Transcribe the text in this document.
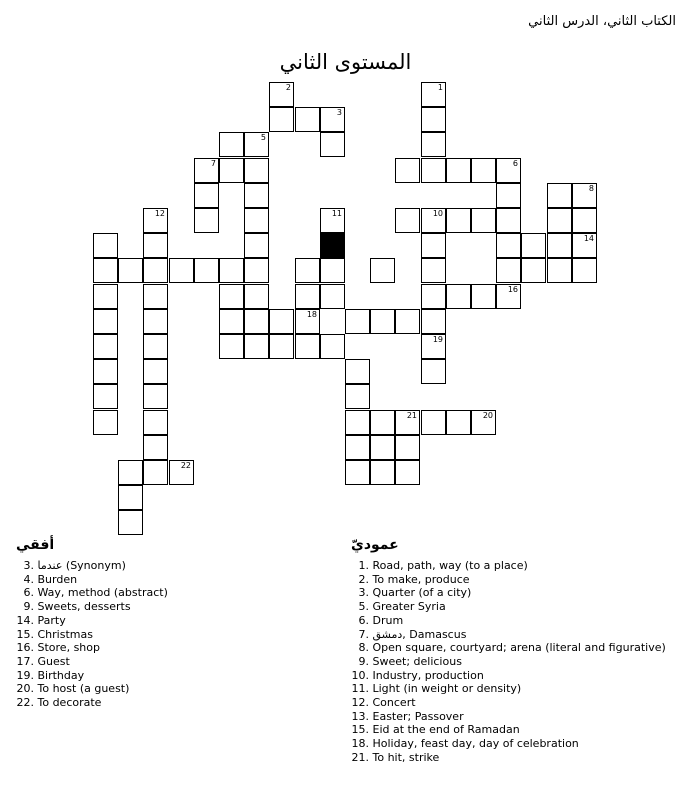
الكتاب الثاني، الدرس الثاني
المستوى الثاني
12
22
7
5
2
18
3
11
21
1
10
19
20
6
16
8
14
أفقي	عموديّ
3. عندما (Synonym)
4. Burden
6. Way, method (abstract)
9. Sweets, desserts
14. Party
15. Christmas
16. Store, shop
17. Guest
19. Birthday
20. To host (a guest)
22. To decorate
1. Road, path, way (to a place)
2. To make, produce
3. Quarter (of a city)
5. Greater Syria
6. Drum
7. دمشق, Damascus
8. Open square, courtyard; arena (literal and figurative)
9. Sweet; delicious
10. Industry, production
11. Light (in weight or density)
12. Concert
13. Easter; Passover
15. Eid at the end of Ramadan
18. Holiday, feast day, day of celebration
21. To hit, strike
